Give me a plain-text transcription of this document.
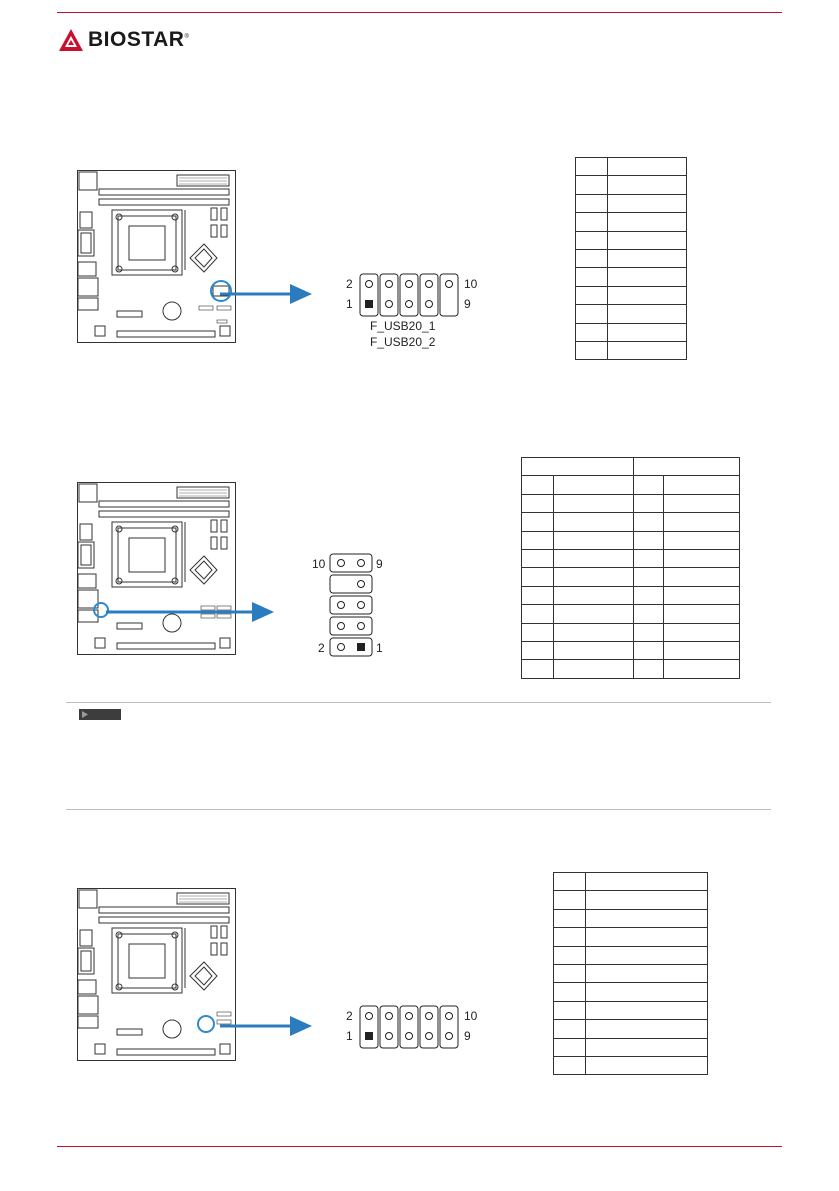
BIOSTAR®
2	10
1	9
F_USB20_1
F_USB20_2

10	9
2	1

2	10
1	9
